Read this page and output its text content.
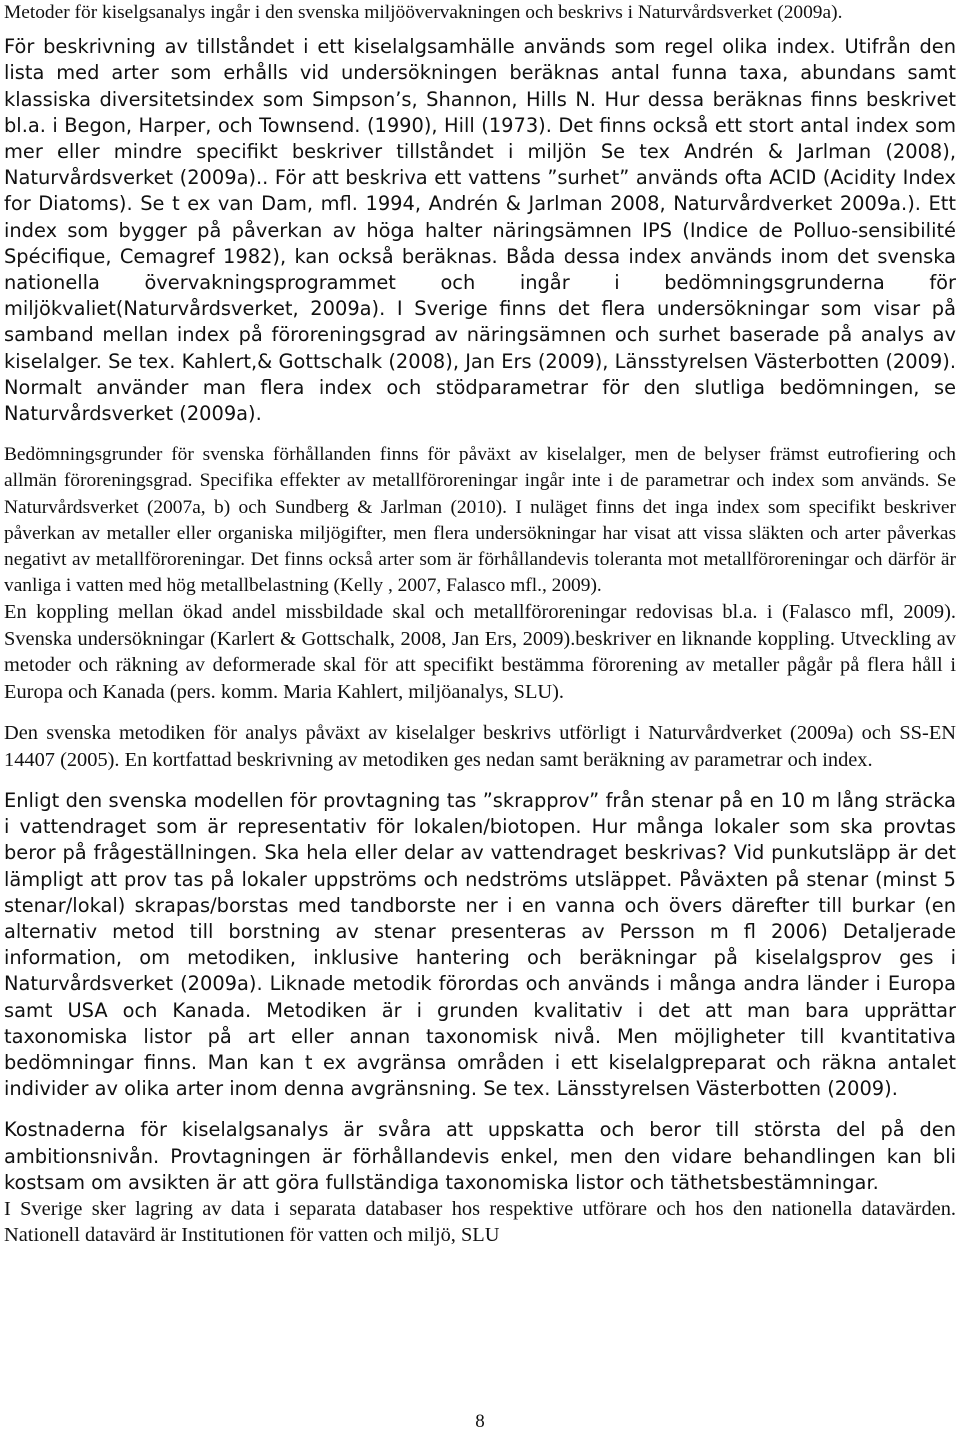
Metoder för kiselgsanalys ingår i den svenska miljöövervakningen och beskrivs i Naturvårdsverket (2009a).

För beskrivning av tillståndet i ett kiselalgsamhälle används som regel olika index. Utifrån den lista med arter som erhålls vid undersökningen beräknas antal funna taxa, abundans samt klassiska diversitetsindex som Simpson’s, Shannon, Hills N. Hur dessa beräknas finns beskrivet bl.a. i Begon, Harper, och Townsend. (1990), Hill (1973). Det finns också ett stort antal index som mer eller mindre specifikt beskriver tillståndet i miljön Se tex Andrén & Jarlman (2008), Naturvårdsverket (2009a).. För att beskriva ett vattens ”surhet” används ofta ACID (Acidity Index for Diatoms). Se t ex van Dam, mfl. 1994, Andrén & Jarlman 2008, Naturvårdverket 2009a.). Ett index som bygger på påverkan av höga halter näringsämnen IPS (Indice de Polluo-sensibilité Spécifique, Cemagref 1982), kan också beräknas. Båda dessa index används inom det svenska nationella övervakningsprogrammet och ingår i bedömningsgrunderna för miljökvaliet(Naturvårdsverket, 2009a). I Sverige finns det flera undersökningar som visar på samband mellan index på föroreningsgrad av näringsämnen och surhet baserade på analys av kiselalger. Se tex. Kahlert,& Gottschalk (2008), Jan Ers (2009), Länsstyrelsen Västerbotten (2009). Normalt använder man flera index och stödparametrar för den slutliga bedömningen, se Naturvårdsverket (2009a).

Bedömningsgrunder för svenska förhållanden finns för påväxt av kiselalger, men de belyser främst eutrofiering och allmän föroreningsgrad. Specifika effekter av metallföroreningar ingår inte i de parametrar och index som används. Se Naturvårdsverket (2007a, b) och Sundberg & Jarlman (2010). I nuläget finns det inga index som specifikt beskriver påverkan av metaller eller organiska miljögifter, men flera undersökningar har visat att vissa släkten och arter påverkas negativt av metallföroreningar. Det finns också arter som är förhållandevis toleranta mot metallföroreningar och därför är vanliga i vatten med hög metallbelastning (Kelly , 2007, Falasco mfl., 2009).

En koppling mellan ökad andel missbildade skal och metallföroreningar redovisas bl.a. i (Falasco mfl, 2009). Svenska undersökningar (Karlert & Gottschalk, 2008, Jan Ers, 2009).beskriver en liknande koppling. Utveckling av metoder och räkning av deformerade skal för att specifikt bestämma förorening av metaller pågår på flera håll i Europa och Kanada (pers. komm. Maria Kahlert, miljöanalys, SLU).

Den svenska metodiken för analys påväxt av kiselalger beskrivs utförligt i Naturvårdverket (2009a) och SS-EN 14407 (2005). En kortfattad beskrivning av metodiken ges nedan samt beräkning av parametrar och index.

Enligt den svenska modellen för provtagning tas ”skrapprov” från stenar på en 10 m lång sträcka i vattendraget som är representativ för lokalen/biotopen. Hur många lokaler som ska provtas beror på frågeställningen. Ska hela eller delar av vattendraget beskrivas? Vid punkutsläpp är det lämpligt att prov tas på lokaler uppströms och nedströms utsläppet. Påväxten på stenar (minst 5 stenar/lokal) skrapas/borstas med tandborste ner i en vanna och övers därefter till burkar (en alternativ metod till borstning av stenar presenteras av Persson m fl 2006) Detaljerade information, om metodiken, inklusive hantering och beräkningar på kiselalgsprov ges i Naturvårdsverket (2009a). Liknade metodik förordas och används i många andra länder i Europa samt USA och Kanada. Metodiken är i grunden kvalitativ i det att man bara upprättar taxonomiska listor på art eller annan taxonomisk nivå. Men möjligheter till kvantitativa bedömningar finns. Man kan t ex avgränsa områden i ett kiselalgpreparat och räkna antalet individer av olika arter inom denna avgränsning. Se tex. Länsstyrelsen Västerbotten (2009).

Kostnaderna för kiselalgsanalys är svåra att uppskatta och beror till största del på den ambitionsnivån. Provtagningen är förhållandevis enkel, men den vidare behandlingen kan bli kostsam om avsikten är att göra fullständiga taxonomiska listor och täthetsbestämningar.

I Sverige sker lagring av data i separata databaser hos respektive utförare och hos den nationella datavärden. Nationell datavärd är Institutionen för vatten och miljö, SLU

8
